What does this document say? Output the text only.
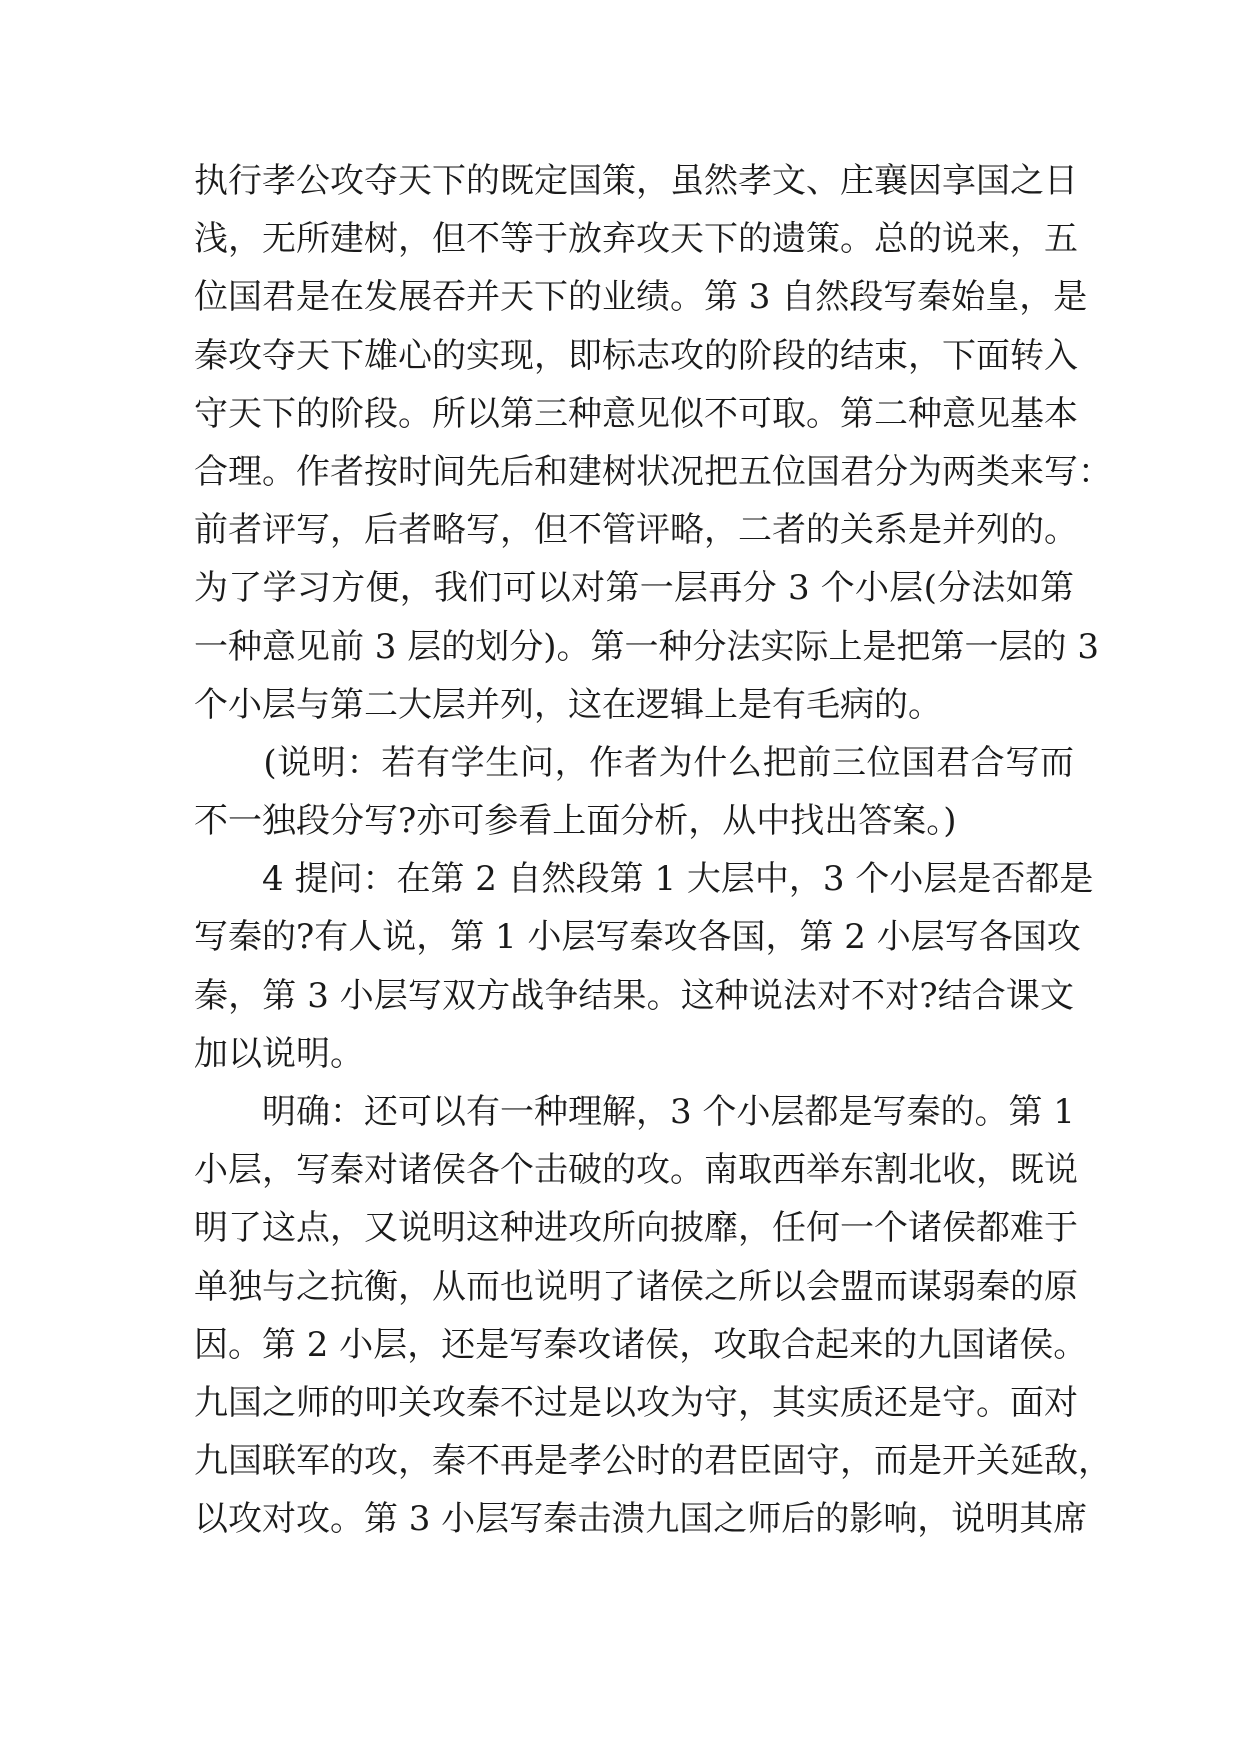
执行孝公攻夺天下的既定国策，虽然孝文、庄襄因享国之日
浅，无所建树，但不等于放弃攻天下的遗策。总的说来，五
位国君是在发展吞并天下的业绩。第 3 自然段写秦始皇，是
秦攻夺天下雄心的实现，即标志攻的阶段的结束，下面转入
守天下的阶段。所以第三种意见似不可取。第二种意见基本
合理。作者按时间先后和建树状况把五位国君分为两类来写：
前者评写，后者略写，但不管评略，二者的关系是并列的。
为了学习方便，我们可以对第一层再分 3 个小层(分法如第
一种意见前 3 层的划分)。第一种分法实际上是把第一层的 3
个小层与第二大层并列，这在逻辑上是有毛病的。
　　(说明：若有学生问，作者为什么把前三位国君合写而
不一独段分写?亦可参看上面分析，从中找出答案。)
　　4 提问：在第 2 自然段第 1 大层中，3 个小层是否都是
写秦的?有人说，第 1 小层写秦攻各国，第 2 小层写各国攻
秦，第 3 小层写双方战争结果。这种说法对不对?结合课文
加以说明。
　　明确：还可以有一种理解，3 个小层都是写秦的。第 1
小层，写秦对诸侯各个击破的攻。南取西举东割北收，既说
明了这点，又说明这种进攻所向披靡，任何一个诸侯都难于
单独与之抗衡，从而也说明了诸侯之所以会盟而谋弱秦的原
因。第 2 小层，还是写秦攻诸侯，攻取合起来的九国诸侯。
九国之师的叩关攻秦不过是以攻为守，其实质还是守。面对
九国联军的攻，秦不再是孝公时的君臣固守，而是开关延敌，
以攻对攻。第 3 小层写秦击溃九国之师后的影响，说明其席
